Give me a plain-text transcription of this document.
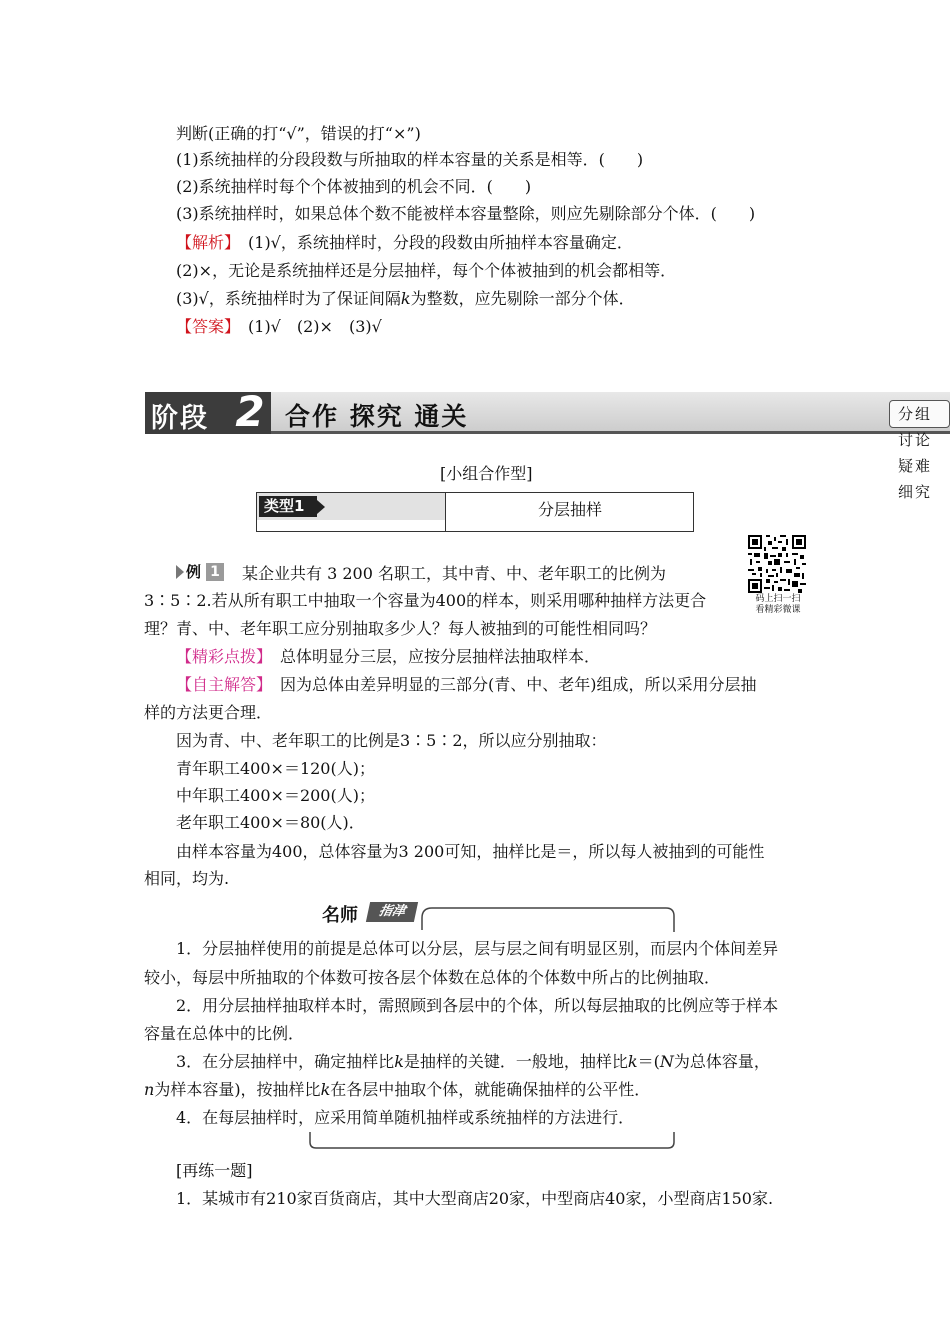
判断(正确的打“√”，错误的打“×”)
(1)系统抽样的分段段数与所抽取的样本容量的关系是相等．(　　)
(2)系统抽样时每个个体被抽到的机会不同．(　　)
(3)系统抽样时，如果总体个数不能被样本容量整除，则应先剔除部分个体．(　　)
【解析】　(1)√，系统抽样时，分段的段数由所抽样本容量确定．
(2)×，无论是系统抽样还是分层抽样，每个个体被抽到的机会都相等．
(3)√，系统抽样时为了保证间隔k为整数，应先剔除一部分个体．
【答案】　(1)√　(2)×　(3)√
阶段 2 合作 探究 通关	分组讨论 疑难细究
[小组合作型]
类型1	分层抽样
例 1 　某企业共有 3 200 名职工，其中青、中、老年职工的比例为
3∶5∶2.若从所有职工中抽取一个容量为400的样本，则采用哪种抽样方法更合
理？青、中、老年职工应分别抽取多少人？每人被抽到的可能性相同吗？
码上扫一扫
看精彩微课
【精彩点拨】　总体明显分三层，应按分层抽样法抽取样本．
【自主解答】　因为总体由差异明显的三部分(青、中、老年)组成，所以采用分层抽
样的方法更合理．
因为青、中、老年职工的比例是3∶5∶2，所以应分别抽取：
青年职工400×＝120(人)；
中年职工400×＝200(人)；
老年职工400×＝80(人)．
由样本容量为400，总体容量为3 200可知，抽样比是＝，所以每人被抽到的可能性
相同，均为.
名师	指津
1．分层抽样使用的前提是总体可以分层，层与层之间有明显区别，而层内个体间差异
较小，每层中所抽取的个体数可按各层个体数在总体的个体数中所占的比例抽取．
2．用分层抽样抽取样本时，需照顾到各层中的个体，所以每层抽取的比例应等于样本
容量在总体中的比例．
3．在分层抽样中，确定抽样比k是抽样的关键．一般地，抽样比k＝(N为总体容量，
n为样本容量)，按抽样比k在各层中抽取个体，就能确保抽样的公平性．
4．在每层抽样时，应采用简单随机抽样或系统抽样的方法进行．
[再练一题]
1．某城市有210家百货商店，其中大型商店20家，中型商店40家，小型商店150家.
